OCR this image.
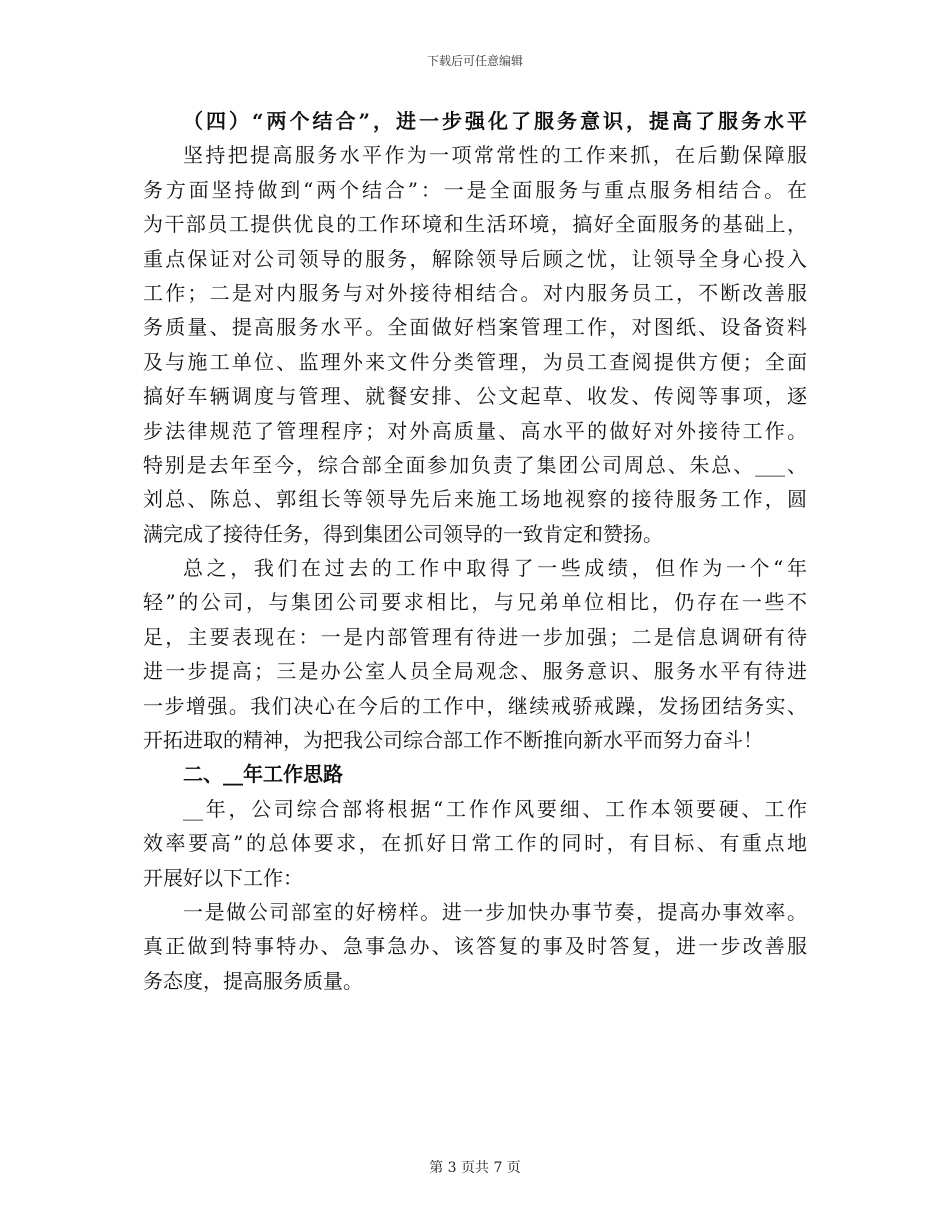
下载后可任意编辑
（四）“两个结合”，进一步强化了服务意识，提高了服务水平
坚持把提高服务水平作为一项常常性的工作来抓，在后勤保障服
务方面坚持做到“两个结合”：一是全面服务与重点服务相结合。在
为干部员工提供优良的工作环境和生活环境，搞好全面服务的基础上，
重点保证对公司领导的服务，解除领导后顾之忧，让领导全身心投入
工作；二是对内服务与对外接待相结合。对内服务员工，不断改善服
务质量、提高服务水平。全面做好档案管理工作，对图纸、设备资料
及与施工单位、监理外来文件分类管理，为员工查阅提供方便；全面
搞好车辆调度与管理、就餐安排、公文起草、收发、传阅等事项，逐
步法律规范了管理程序；对外高质量、高水平的做好对外接待工作。
特别是去年至今，综合部全面参加负责了集团公司周总、朱总、___、
刘总、陈总、郭组长等领导先后来施工场地视察的接待服务工作，圆
满完成了接待任务，得到集团公司领导的一致肯定和赞扬。
总之，我们在过去的工作中取得了一些成绩，但作为一个“年
轻”的公司，与集团公司要求相比，与兄弟单位相比，仍存在一些不
足，主要表现在：一是内部管理有待进一步加强；二是信息调研有待
进一步提高；三是办公室人员全局观念、服务意识、服务水平有待进
一步增强。我们决心在今后的工作中，继续戒骄戒躁，发扬团结务实、
开拓进取的精神，为把我公司综合部工作不断推向新水平而努力奋斗！
二、__年工作思路
__年，公司综合部将根据“工作作风要细、工作本领要硬、工作
效率要高”的总体要求，在抓好日常工作的同时，有目标、有重点地
开展好以下工作：
一是做公司部室的好榜样。进一步加快办事节奏，提高办事效率。
真正做到特事特办、急事急办、该答复的事及时答复，进一步改善服
务态度，提高服务质量。
第 3 页共 7 页
